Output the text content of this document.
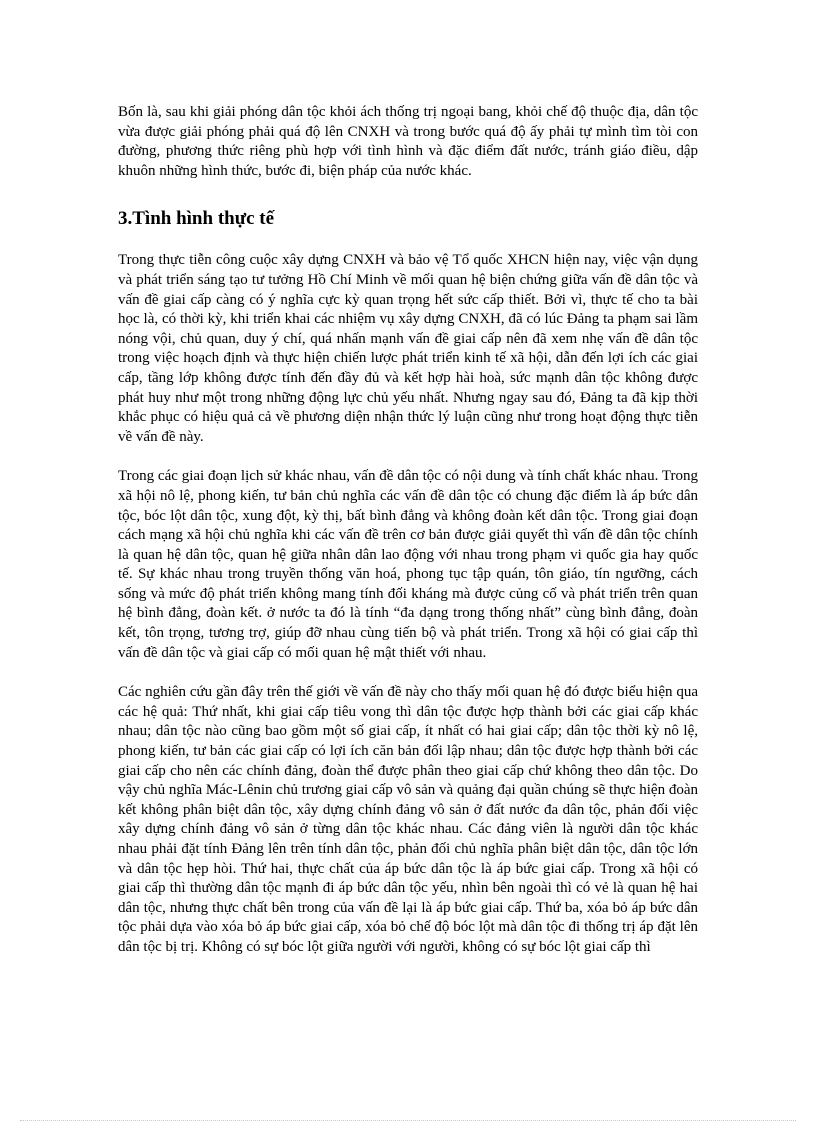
Bốn là, sau khi giải phóng dân tộc khỏi ách thống trị ngoại bang, khỏi chế độ thuộc địa, dân tộc vừa được giải phóng phải quá độ lên CNXH và trong bước quá độ ấy phải tự mình tìm tòi con đường, phương thức riêng phù hợp với tình hình và đặc điểm đất nước, tránh giáo điều, dập khuôn những hình thức, bước đi, biện pháp của nước khác.

3.Tình hình thực tế

Trong thực tiễn công cuộc xây dựng CNXH và bảo vệ Tổ quốc XHCN hiện nay, việc vận dụng và phát triển sáng tạo tư tưởng Hồ Chí Minh về mối quan hệ biện chứng giữa vấn đề dân tộc và vấn đề giai cấp càng có ý nghĩa cực kỳ quan trọng hết sức cấp thiết. Bởi vì, thực tế cho ta bài học là, có thời kỳ, khi triển khai các nhiệm vụ xây dựng CNXH, đã có lúc Đảng ta phạm sai lầm nóng vội, chủ quan, duy ý chí, quá nhấn mạnh vấn đề giai cấp nên đã xem nhẹ vấn đề dân tộc trong việc hoạch định và thực hiện chiến lược phát triển kinh tế xã hội, dẫn đến lợi ích các giai cấp, tầng lớp không được tính đến đầy đủ và kết hợp hài hoà, sức mạnh dân tộc không được phát huy như một trong những động lực chủ yếu nhất. Nhưng ngay sau đó, Đảng ta đã kịp thời khắc phục có hiệu quả cả về phương diện nhận thức lý luận cũng như trong hoạt động thực tiễn về vấn đề này.

Trong các giai đoạn lịch sử khác nhau, vấn đề dân tộc có nội dung và tính chất khác nhau. Trong xã hội nô lệ, phong kiến, tư bản chủ nghĩa các vấn đề dân tộc có chung đặc điểm là áp bức dân tộc, bóc lột dân tộc, xung đột, kỳ thị, bất bình đẳng và không đoàn kết dân tộc. Trong giai đoạn cách mạng xã hội chủ nghĩa khi các vấn đề trên cơ bản được giải quyết thì vấn đề dân tộc chính là quan hệ dân tộc, quan hệ giữa nhân dân lao động với nhau trong phạm vi quốc gia hay quốc tế. Sự khác nhau trong truyền thống văn hoá, phong tục tập quán, tôn giáo, tín ngưỡng, cách sống và mức độ phát triển không mang tính đối kháng mà được củng cố và phát triển trên quan hệ bình đẳng, đoàn kết. ở nước ta đó là tính “đa dạng trong thống nhất” cùng bình đẳng, đoàn kết, tôn trọng, tương trợ, giúp đỡ nhau cùng tiến bộ và phát triển. Trong xã hội có giai cấp thì vấn đề dân tộc và giai cấp có mối quan hệ mật thiết với nhau.

Các nghiên cứu gần đây trên thế giới về vấn đề này cho thấy mối quan hệ đó được biểu hiện qua các hệ quả: Thứ nhất, khi giai cấp tiêu vong thì dân tộc được hợp thành bởi các giai cấp khác nhau; dân tộc nào cũng bao gồm một số giai cấp, ít nhất có hai giai cấp; dân tộc thời kỳ nô lệ, phong kiến, tư bản các giai cấp có lợi ích căn bản đối lập nhau; dân tộc được hợp thành bởi các giai cấp cho nên các chính đảng, đoàn thể được phân theo giai cấp chứ không theo dân tộc. Do vậy chủ nghĩa Mác-Lênin chủ trương giai cấp vô sản và quảng đại quần chúng sẽ thực hiện đoàn kết không phân biệt dân tộc, xây dựng chính đảng vô sản ở đất nước đa dân tộc, phản đối việc xây dựng chính đảng vô sản ở từng dân tộc khác nhau. Các đảng viên là người dân tộc khác nhau phải đặt tính Đảng lên trên tính dân tộc, phản đối chủ nghĩa phân biệt dân tộc, dân tộc lớn và dân tộc hẹp hòi. Thứ hai, thực chất của áp bức dân tộc là áp bức giai cấp. Trong xã hội có giai cấp thì thường dân tộc mạnh đi áp bức dân tộc yếu, nhìn bên ngoài thì có vẻ là quan hệ hai dân tộc, nhưng thực chất bên trong của vấn đề lại là áp bức giai cấp. Thứ ba, xóa bỏ áp bức dân tộc phải dựa vào xóa bỏ áp bức giai cấp, xóa bỏ chế độ bóc lột mà dân tộc đi thống trị áp đặt lên dân tộc bị trị. Không có sự bóc lột giữa người với người, không có sự bóc lột giai cấp thì
